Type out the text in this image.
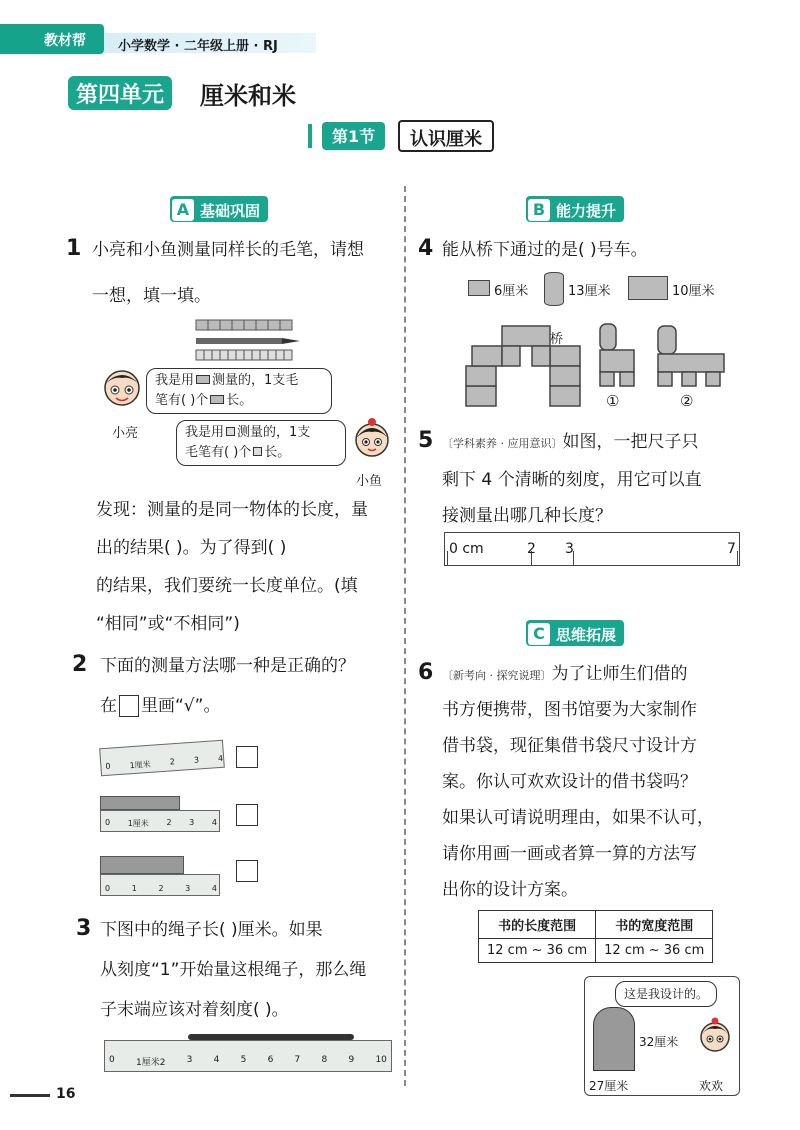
教材帮	小学数学 · 二年级上册 · RJ
第四单元	厘米和米
第1节	认识厘米
A 基础巩固
1 小亮和小鱼测量同样长的毛笔，请想
一想，填一填。
小亮
我是用 测量的，1支毛
笔有( )个 长。
我是用 测量的，1支
毛笔有( )个 长。
小鱼
发现：测量的是同一物体的长度，量
出的结果( )。为了得到( )
的结果，我们要统一长度单位。(填
“相同”或“不相同”)
2 下面的测量方法哪一种是正确的？
在 里画“√”。
0 1厘米 2 3 4
0 1厘米 2 3 4
0	1	2	3	4
3 下图中的绳子长( )厘米。如果
从刻度“1”开始量这根绳子，那么绳
子末端应该对着刻度( )。
0 1厘米2 3 4 5 6 7 8 9 10
B 能力提升
4 能从桥下通过的是( )号车。
6厘米	13厘米	10厘米
桥
①	②
5 〔学科素养 · 应用意识〕如图，一把尺子只
剩下 4 个清晰的刻度，用它可以直
接测量出哪几种长度？
0 cm	2 3	7
C 思维拓展
6 〔新考向 · 探究说理〕为了让师生们借的
书方便携带，图书馆要为大家制作
借书袋，现征集借书袋尺寸设计方
案。你认可欢欢设计的借书袋吗？
如果认可请说明理由，如果不认可，
请你用画一画或者算一算的方法写
出你的设计方案。
书的长度范围	书的宽度范围
12 cm ~ 36 cm	12 cm ~ 36 cm
这是我设计的。
32厘米
27厘米	欢欢
16
